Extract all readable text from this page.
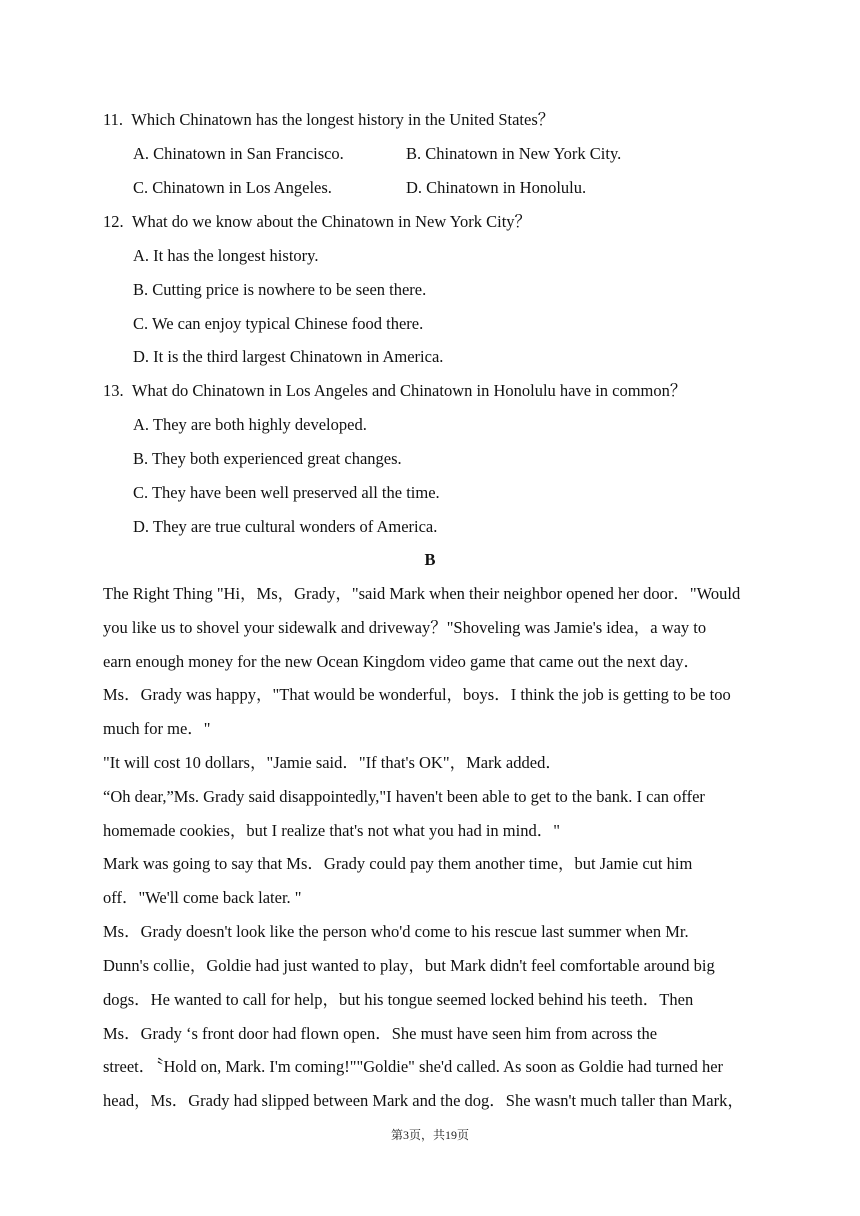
11. Which Chinatown has the longest history in the United States？
A. Chinatown in San Francisco.	B. Chinatown in New York City.
C. Chinatown in Los Angeles.	D. Chinatown in Honolulu.
12. What do we know about the Chinatown in New York City？
A. It has the longest history.
B. Cutting price is nowhere to be seen there.
C. We can enjoy typical Chinese food there.
D. It is the third largest Chinatown in America.
13. What do Chinatown in Los Angeles and Chinatown in Honolulu have in common？
A. They are both highly developed.
B. They both experienced great changes.
C. They have been well preserved all the time.
D. They are true cultural wonders of America.
B
The Right Thing "Hi，Ms，Grady，"said Mark when their neighbor opened her door．"Would
you like us to shovel your sidewalk and driveway？"Shoveling was Jamie's idea，a way to
earn enough money for the new Ocean Kingdom video game that came out the next day．
Ms．Grady was happy，"That would be wonderful，boys．I think the job is getting to be too
much for me．"
"It will cost 10 dollars，"Jamie said．"If that's OK"，Mark added．
“Oh dear,”Ms. Grady said disappointedly,"I haven't been able to get to the bank. I can offer
homemade cookies，but I realize that's not what you had in mind．"
Mark was going to say that Ms．Grady could pay them another time，but Jamie cut him
off．"We'll come back later. "
Ms．Grady doesn't look like the person who'd come to his rescue last summer when Mr.
Dunn's collie，Goldie had just wanted to play，but Mark didn't feel comfortable around big
dogs．He wanted to call for help，but his tongue seemed locked behind his teeth．Then
Ms．Grady ‘s front door had flown open．She must have seen him from across the
street．〝Hold on, Mark. I'm coming!""Goldie" she'd called. As soon as Goldie had turned her
head，Ms．Grady had slipped between Mark and the dog．She wasn't much taller than Mark，
第3页，共19页
